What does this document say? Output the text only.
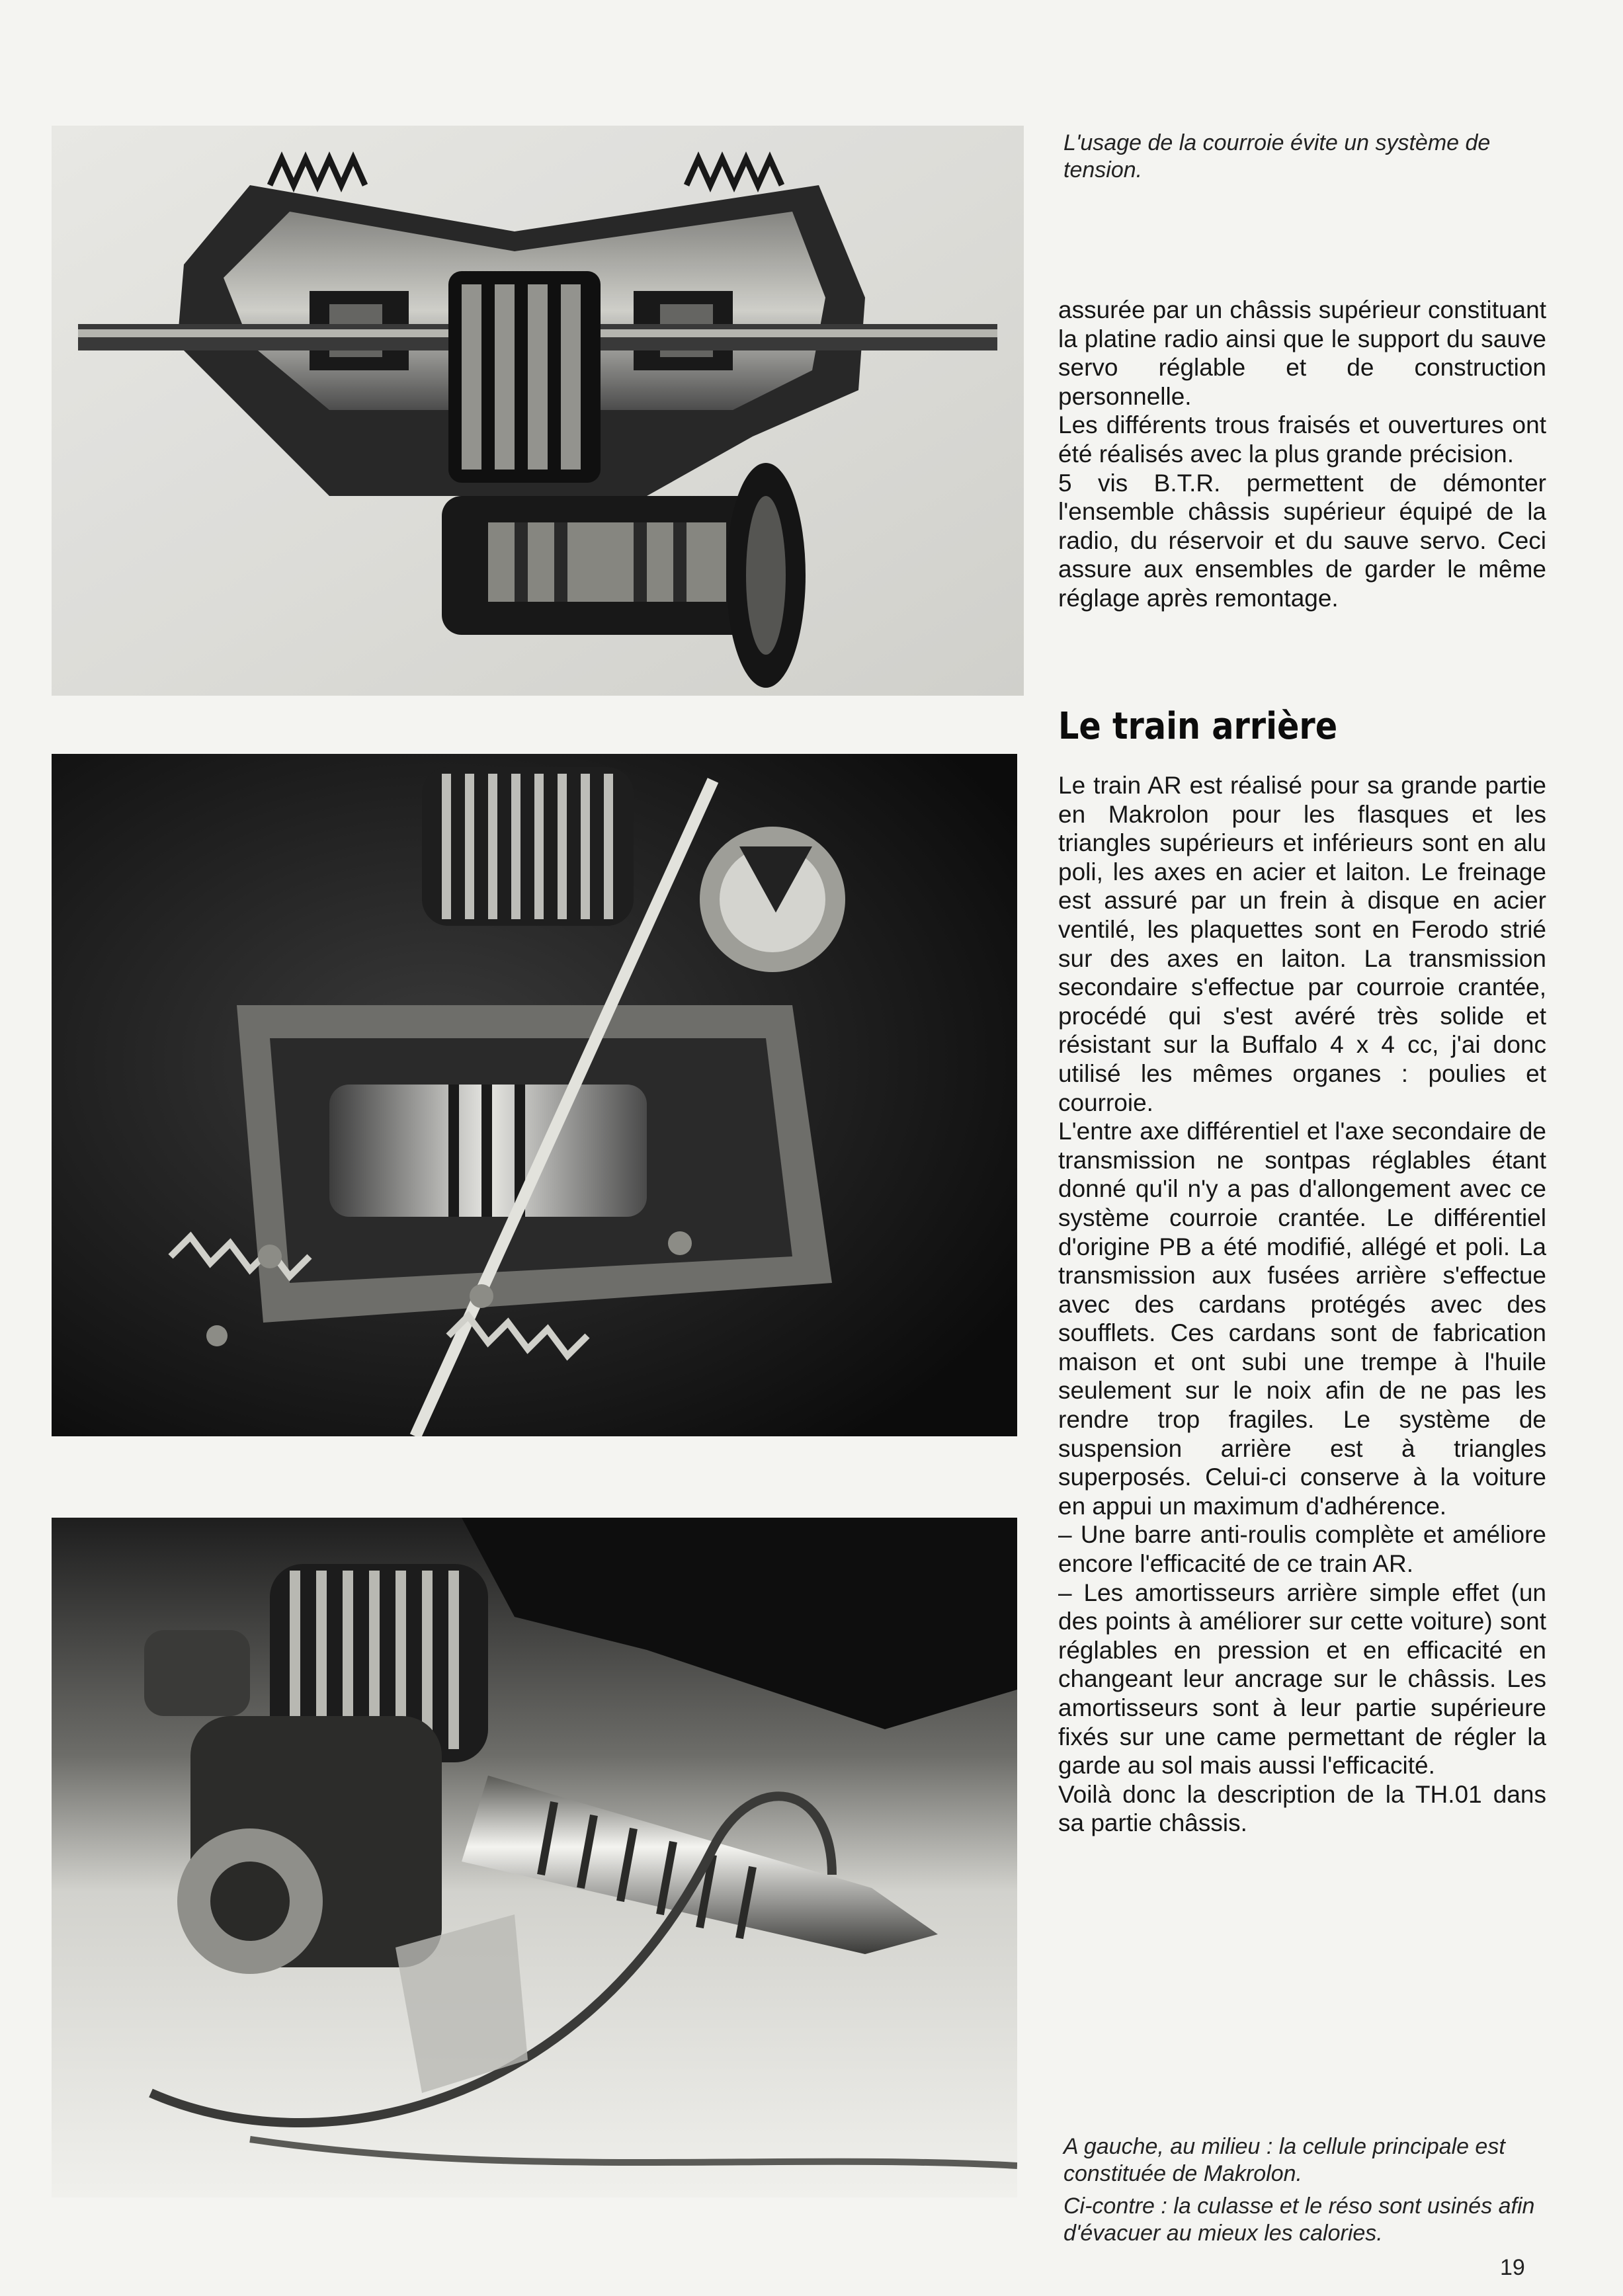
L'usage de la courroie évite un système de tension.

assurée par un châssis supérieur constituant la platine radio ainsi que le support du sauve servo réglable et de construction personnelle.

Les différents trous fraisés et ouvertures ont été réalisés avec la plus grande précision.

5 vis B.T.R. permettent de démonter l'ensemble châssis supérieur équipé de la radio, du réservoir et du sauve servo. Ceci assure aux ensembles de garder le même réglage après remontage.

Le train arrière

Le train AR est réalisé pour sa grande partie en Makrolon pour les flasques et les triangles supérieurs et inférieurs sont en alu poli, les axes en acier et laiton. Le freinage est assuré par un frein à disque en acier ventilé, les plaquettes sont en Ferodo strié sur des axes en laiton. La transmission secondaire s'effectue par courroie crantée, procédé qui s'est avéré très solide et résistant sur la Buffalo 4 x 4 cc, j'ai donc utilisé les mêmes organes : poulies et courroie.

L'entre axe différentiel et l'axe secondaire de transmission ne sontpas réglables étant donné qu'il n'y a pas d'allongement avec ce système courroie crantée. Le différentiel d'origine PB a été modifié, allégé et poli. La transmission aux fusées arrière s'effectue avec des cardans protégés avec des soufflets. Ces cardans sont de fabrication maison et ont subi une trempe à l'huile seulement sur le noix afin de ne pas les rendre trop fragiles. Le système de suspension arrière est à triangles superposés. Celui-ci conserve à la voiture en appui un maximum d'adhérence.

– Une barre anti-roulis complète et améliore encore l'efficacité de ce train AR.

– Les amortisseurs arrière simple effet (un des points à améliorer sur cette voiture) sont réglables en pression et en efficacité en changeant leur ancrage sur le châssis. Les amortisseurs sont à leur partie supérieure fixés sur une came permettant de régler la garde au sol mais aussi l'efficacité.

Voilà donc la description de la TH.01 dans sa partie châssis.

A gauche, au milieu : la cellule principale est constituée de Makrolon.
Ci-contre : la culasse et le réso sont usinés afin d'évacuer au mieux les calories.
19
